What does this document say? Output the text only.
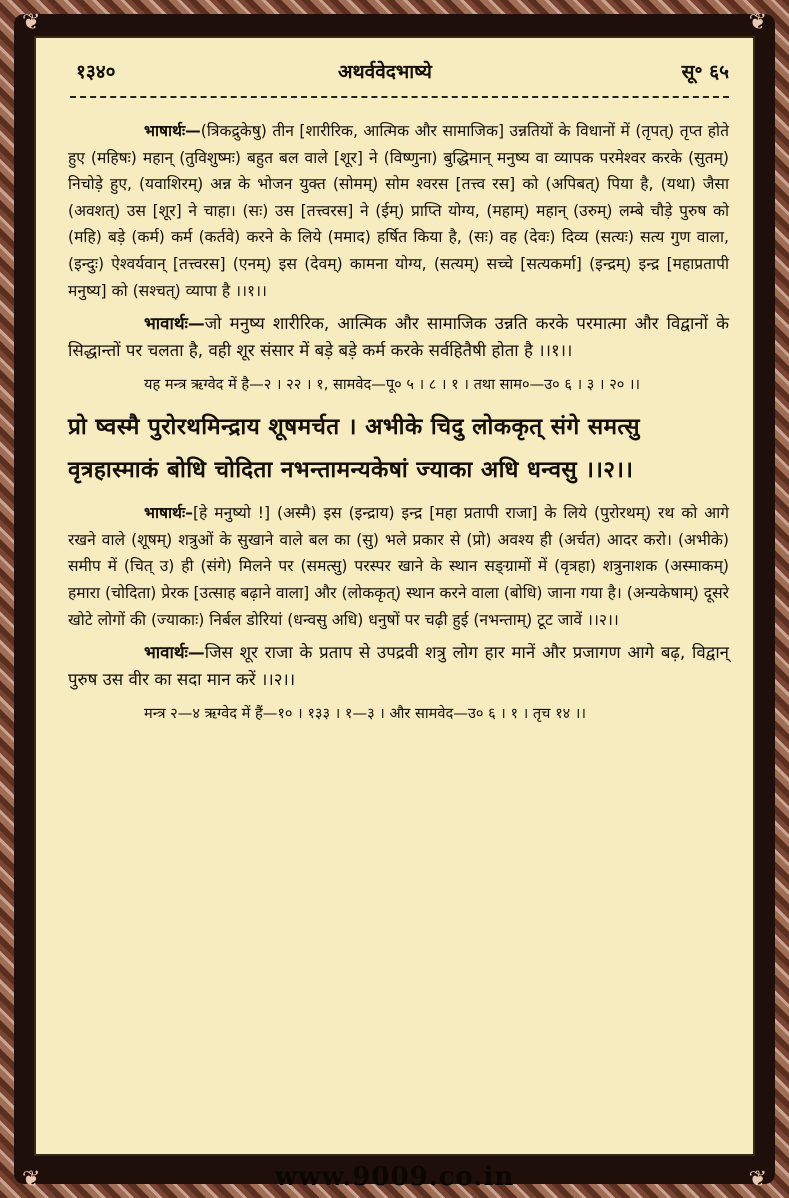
❦	❦
❦	❦
१३४०	अथर्ववेदभाष्ये	सू॰ ६५

भाषार्थः—(त्रिकद्रुकेषु) तीन [शारीरिक, आत्मिक और सामाजिक] उन्नतियों के विधानों में (तृपत्) तृप्त होते हुए (महिषः) महान् (तुविशुष्मः) बहुत बल वाले [शूर] ने (विष्णुना) बुद्धिमान् मनुष्य वा व्यापक परमेश्वर करके (सुतम्) निचोड़े हुए, (यवाशिरम्) अन्न के भोजन युक्त (सोमम्) सोम श्वरस [तत्त्व रस] को (अपिबत्) पिया है, (यथा) जैसा (अवशत्) उस [शूर] ने चाहा। (सः) उस [तत्त्वरस] ने (ईम्) प्राप्ति योग्य, (महाम्) महान् (उरुम्) लम्बे चौड़े पुरुष को (महि) बड़े (कर्म) कर्म (कर्तवे) करने के लिये (ममाद) हर्षित किया है, (सः) वह (देवः) दिव्य (सत्यः) सत्य गुण वाला, (इन्दुः) ऐश्वर्यवान् [तत्त्वरस] (एनम्) इस (देवम्) कामना योग्य, (सत्यम्) सच्चे [सत्यकर्मा] (इन्द्रम्) इन्द्र [महाप्रतापी मनुष्य] को (सश्चत्) व्यापा है ।।१।।

भावार्थः—जो मनुष्य शारीरिक, आत्मिक और सामाजिक उन्नति करके परमात्मा और विद्वानों के सिद्धान्तों पर चलता है, वही शूर संसार में बड़े बड़े कर्म करके सर्वहितैषी होता है ।।१।।

यह मन्त्र ऋग्वेद में है—२ । २२ । १, सामवेद—पू० ५ । ८ । १ । तथा साम०—उ० ६ । ३ । २० ।।

प्रो ष्वस्मै पुरोरथमिन्द्राय शूषमर्चत । अभीके चिदु लोककृत् संगे समत्सु वृत्रहास्माकं बोधि चोदिता नभन्तामन्यकेषां ज्याका अधि धन्वसु ।।२।।

भाषार्थः–[हे मनुष्यो !] (अस्मै) इस (इन्द्राय) इन्द्र [महा प्रतापी राजा] के लिये (पुरोरथम्) रथ को आगे रखने वाले (शूषम्) शत्रुओं के सुखाने वाले बल का (सु) भले प्रकार से (प्रो) अवश्य ही (अर्चत) आदर करो। (अभीके) समीप में (चित् उ) ही (संगे) मिलने पर (समत्सु) परस्पर खाने के स्थान सङ्ग्रामों में (वृत्रहा) शत्रुनाशक (अस्माकम्) हमारा (चोदिता) प्रेरक [उत्साह बढ़ाने वाला] और (लोककृत्) स्थान करने वाला (बोधि) जाना गया है। (अन्यकेषाम्) दूसरे खोटे लोगों की (ज्याकाः) निर्बल डोरियां (धन्वसु अधि) धनुषों पर चढ़ी हुई (नभन्ताम्) टूट जावें ।।२।।

भावार्थः—जिस शूर राजा के प्रताप से उपद्रवी शत्रु लोग हार मानें और प्रजागण आगे बढ़, विद्वान् पुरुष उस वीर का सदा मान करें ।।२।।

मन्त्र २—४ ऋग्वेद में हैं—१० । १३३ । १—३ । और सामवेद—उ० ६ । १ । तृच १४ ।।

www.9009.co.in
